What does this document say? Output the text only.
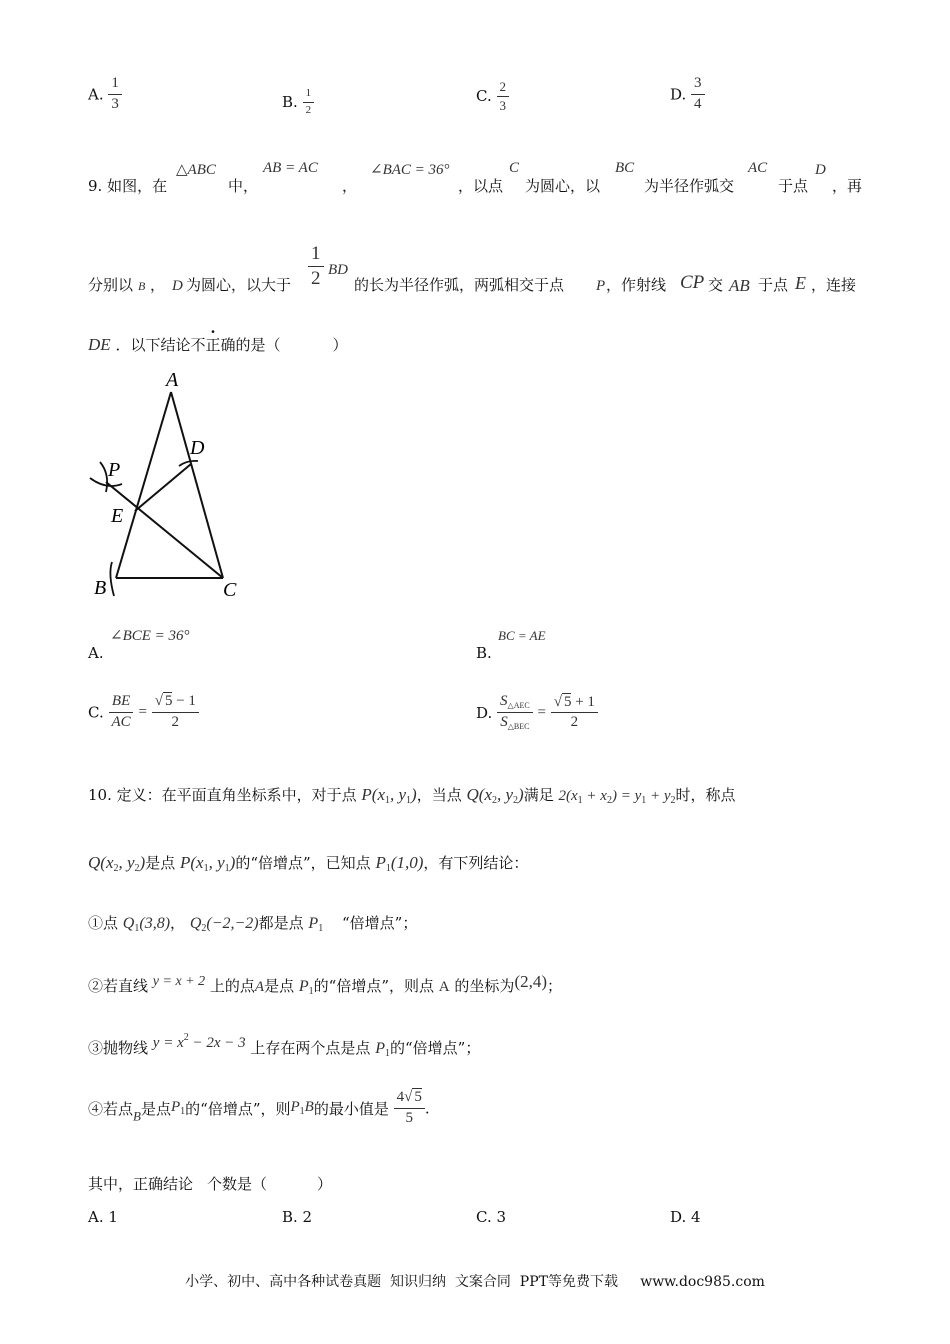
A. $\frac{1}{3}$	B. $\frac{1}{2}$	C. $\frac{2}{3}$	D. $\frac{3}{4}$
9. 如图，在
△ABC
中，
AB = AC
，
∠BAC = 36°
，以点
C
为圆心，以
BC
为半径作弧交
AC
于点
D
，再
分别以 B ， D 为圆心，以大于 $\frac{1}{2}$ BD
的长为半径作弧，两弧相交于点 P ，作射线 CP 交 AB 于点 E ，连接
DE ．以下结论不正确的是（	）
A
B	C
D
E
P
A.
∠BCE = 36°
B.
BC = AE
C. $\frac{BE}{AC} = \frac{√ 5 - 1}{2}$	D. $\frac{S_{\triangle AEC}}{S_{\triangle BEC}} = \frac{√ 5 + 1}{2}$
10. 定义：在平面直角坐标系中，对于点 $P(x_1$, $y_1$)，当点 $Q(x_2$, $y_2$)满足 $2(x_1 + x_2) = y_1 + y_2$时，称点
$Q(x_2$, $y_2$)是点 $P(x_1$, $y_1$)的“倍增点”，已知点 $P_1(1,0)$，有下列结论：
①点 $Q_1(3,8)$， $Q_2(-2,-2)$都是点 $P_1$ “倍增点”；
②若直线 y = x + 2 上的点A是点 $P_1$的“倍增点”，则点 A 的坐标为(2,4)；
③抛物线 $y = x^2 - 2x - 3$ 上存在两个点是点 $P_1$的“倍增点”；
④若点B是点$P_1$的“倍增点”，则$P_1B$的最小值是 $\frac{4√ 5}{5}$ .
其中，正确结论 个数是（	）
A. 1	B. 2	C. 3	D. 4
小学、初中、高中各种试卷真题  知识归纳  文案合同  PPT等免费下载     www.doc985.com
